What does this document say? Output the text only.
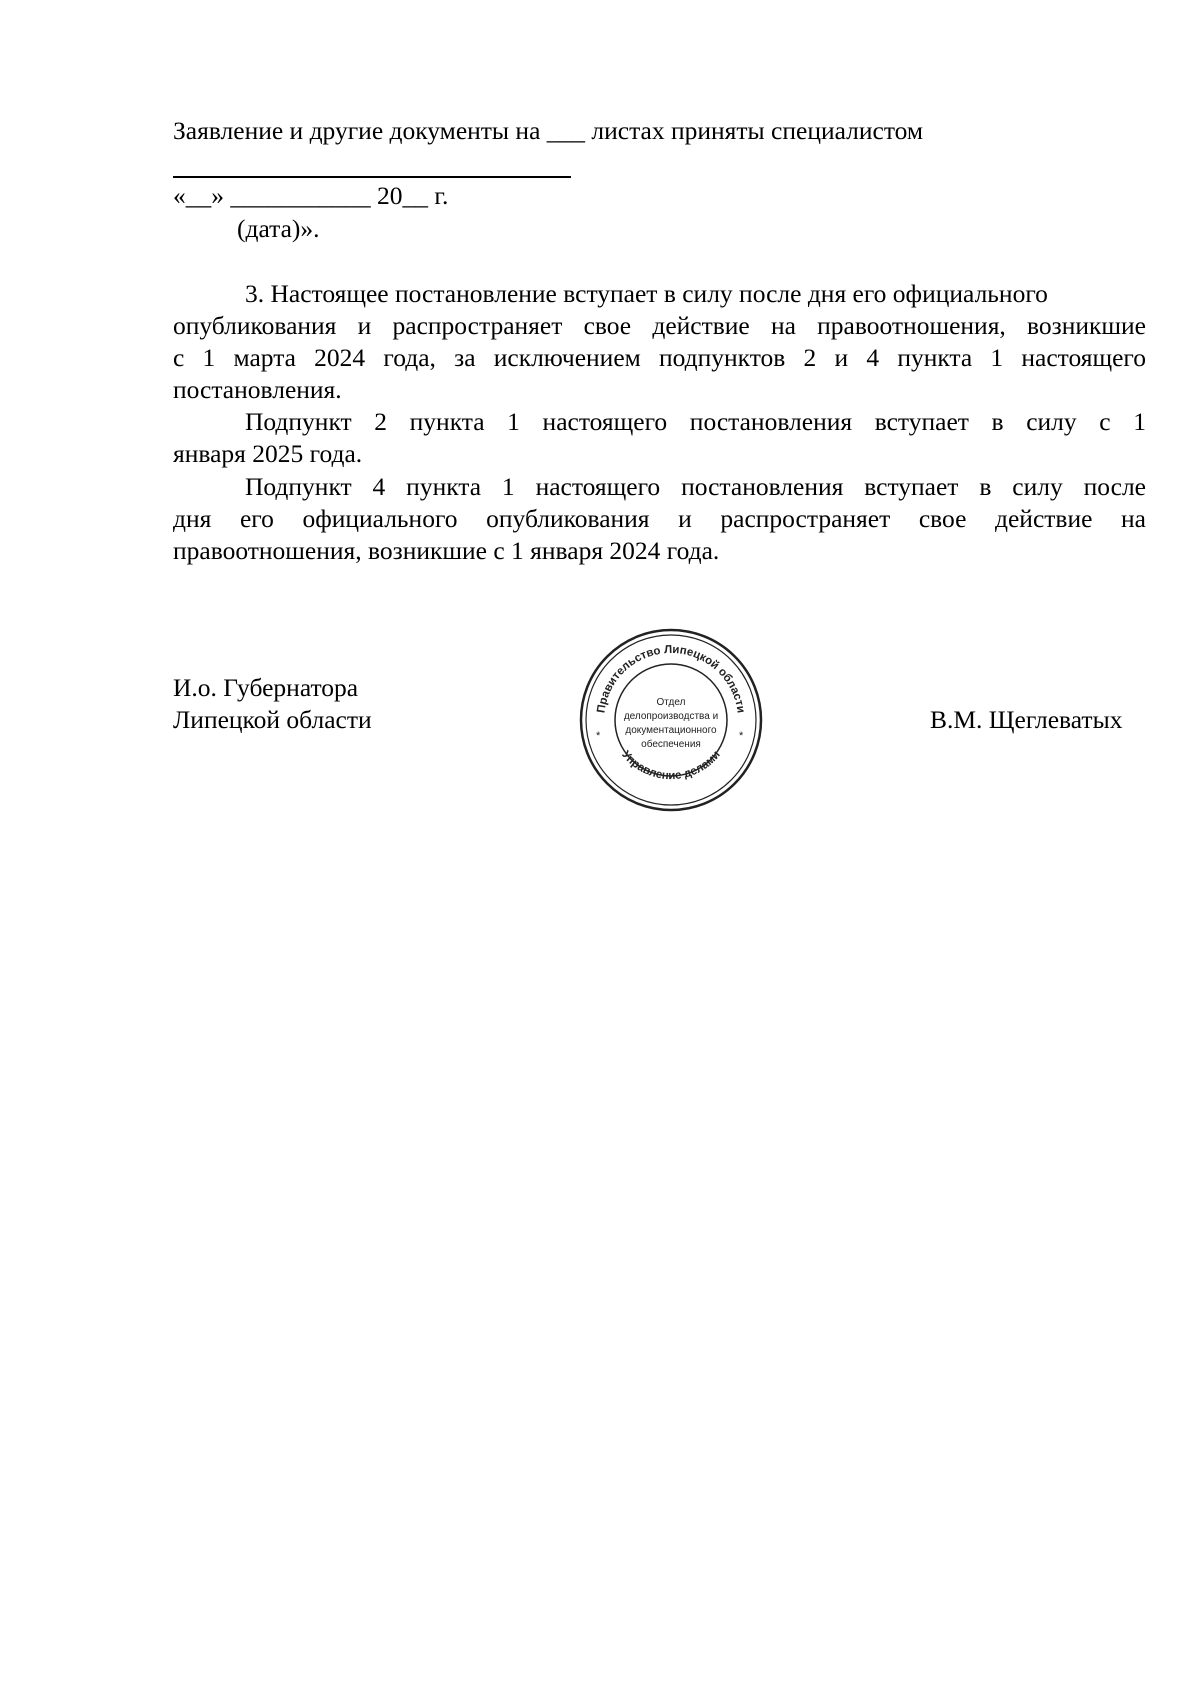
Заявление и другие документы на ___ листах приняты специалистом
«__» ___________ 20__ г.
(дата)».
3. Настоящее постановление вступает в силу после дня его официального
опубликования и распространяет свое действие на правоотношения, возникшие
с 1 марта 2024 года, за исключением подпунктов 2 и 4 пункта 1 настоящего
постановления.
Подпункт 2 пункта 1 настоящего постановления вступает в силу с 1
января 2025 года.
Подпункт 4 пункта 1 настоящего постановления вступает в силу после
дня его официального опубликования и распространяет свое действие на
правоотношения, возникшие с 1 января 2024 года.
И.о. Губернатора
Липецкой области	В.М. Щеглеватых
Правительство Липецкой области
Управление делами
*	*
Отдел
делопроизводства и
документационного
обеспечения
